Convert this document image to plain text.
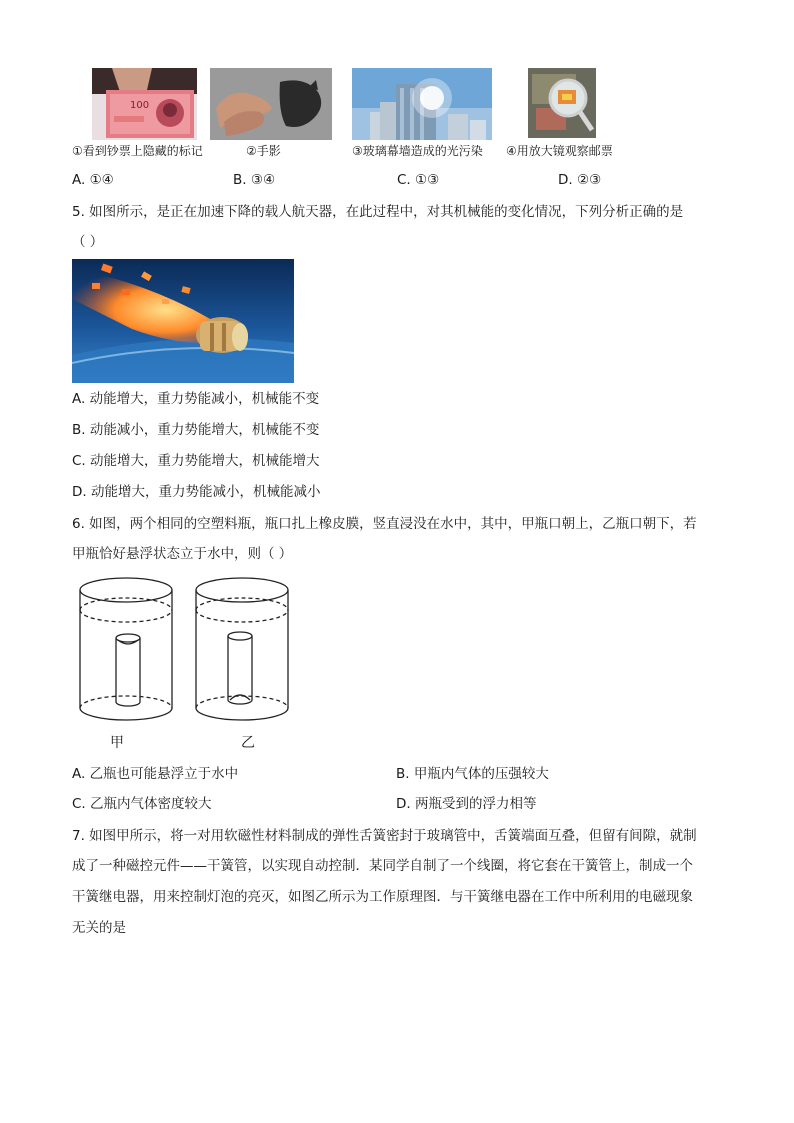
100
①看到钞票上隐藏的标记	②手影	③玻璃幕墙造成的光污染 ④用放大镜观察邮票
A. ①④	B. ③④	C. ①③	D. ②③
5. 如图所示，是正在加速下降的载人航天器，在此过程中，对其机械能的变化情况，下列分析正确的是
（ ）
A. 动能增大，重力势能减小，机械能不变
B. 动能减小，重力势能增大，机械能不变
C. 动能增大，重力势能增大，机械能增大
D. 动能增大，重力势能减小，机械能减小
6. 如图，两个相同的空塑料瓶，瓶口扎上橡皮膜，竖直浸没在水中，其中，甲瓶口朝上，乙瓶口朝下，若
甲瓶恰好悬浮状态立于水中，则（ ）
甲	乙
A. 乙瓶也可能悬浮立于水中	B. 甲瓶内气体的压强较大
C. 乙瓶内气体密度较大	D. 两瓶受到的浮力相等
7. 如图甲所示，将一对用软磁性材料制成的弹性舌簧密封于玻璃管中，舌簧端面互叠，但留有间隙，就制
成了一种磁控元件——干簧管，以实现自动控制．某同学自制了一个线圈，将它套在干簧管上，制成一个
干簧继电器，用来控制灯泡的亮灭，如图乙所示为工作原理图．与干簧继电器在工作中所利用的电磁现象
无关的是
